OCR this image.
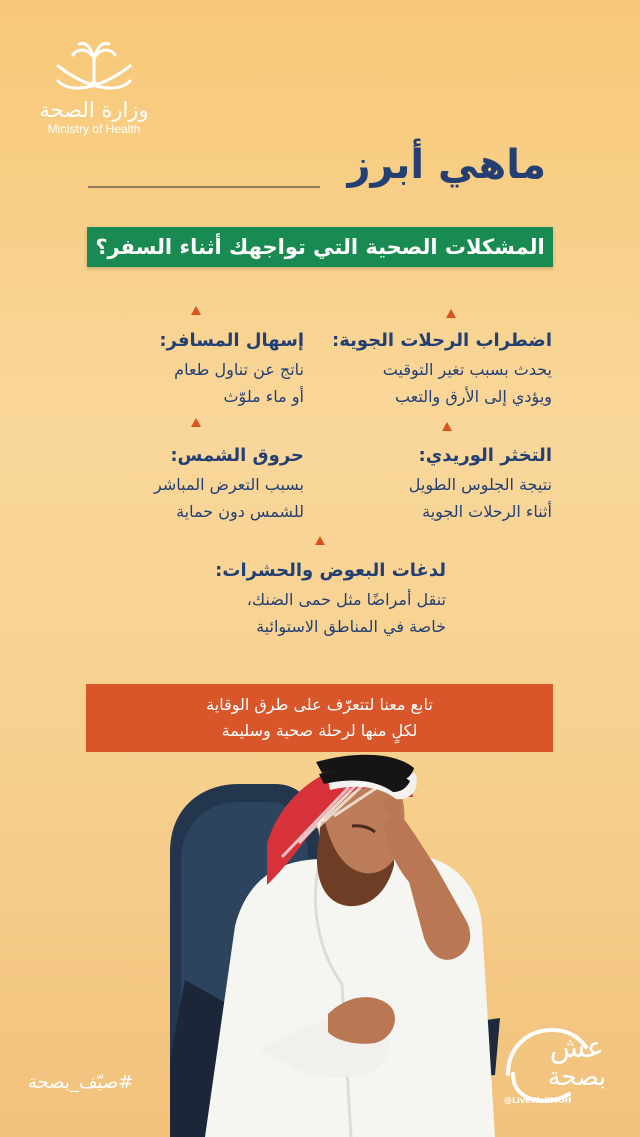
وزارة الصحة
Ministry of Health
ماهي أبرز
المشكلات الصحية التي تواجهك أثناء السفر؟
اضطراب الرحلات الجوية:
يحدث بسبب تغير التوقيت
ويؤدي إلى الأرق والتعب
إسهال المسافر:
ناتج عن تناول طعام
أو ماء ملوّث
التخثر الوريدي:
نتيجة الجلوس الطويل
أثناء الرحلات الجوية
حروق الشمس:
بسبب التعرض المباشر
للشمس دون حماية
لدغات البعوض والحشرات:
تنقل أمراضًا مثل حمى الضنك،
خاصة في المناطق الاستوائية
تابع معنا لتتعرّف على طرق الوقاية
لكلٍ منها لرحلة صحية وسليمة
#صيّف_بصحة
عش
بصحة
@LiveWellMOH
